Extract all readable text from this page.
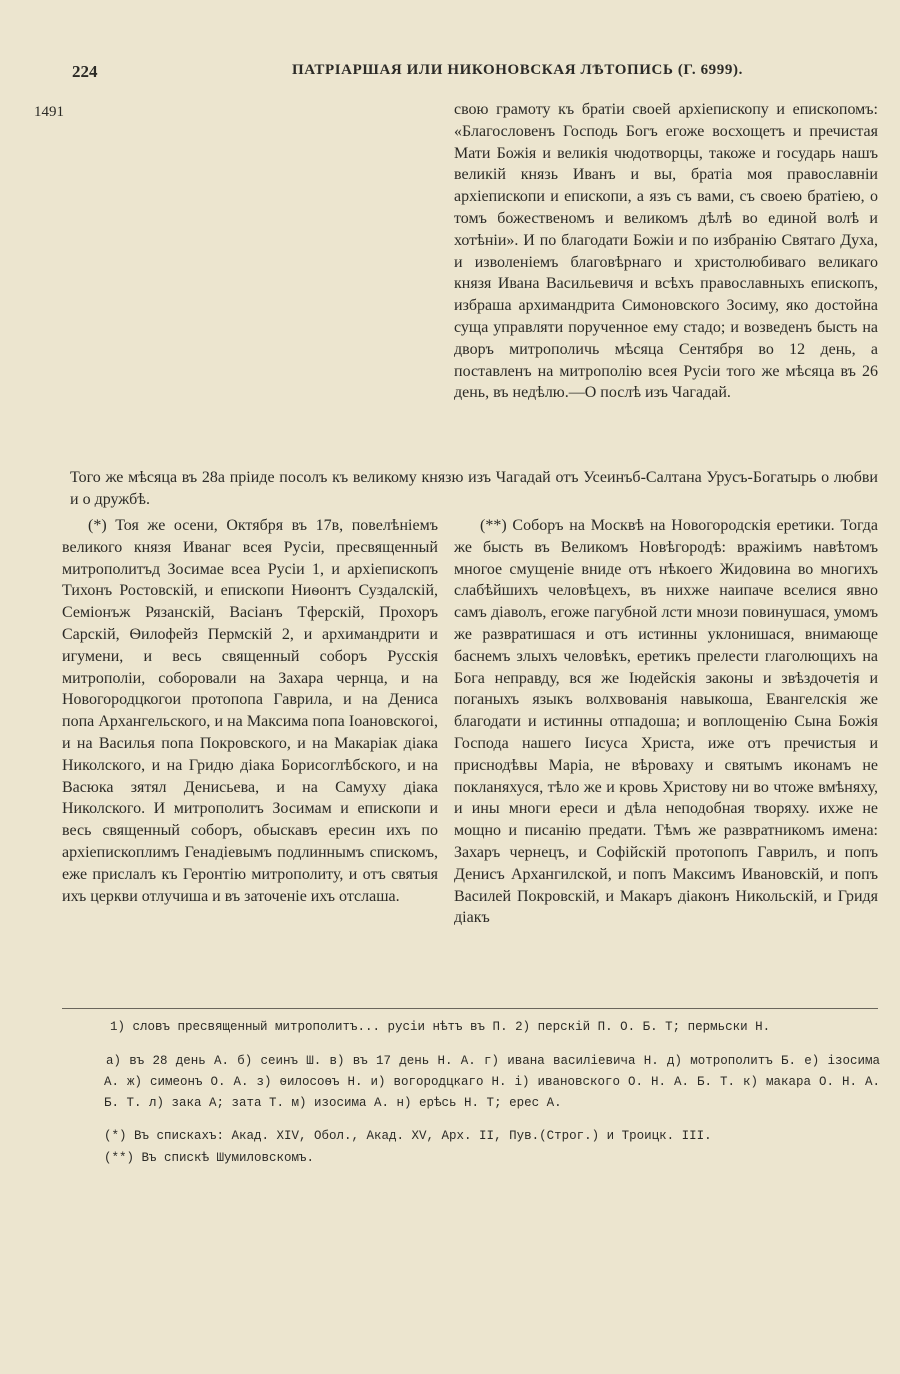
224	ПАТРІАРШАЯ ИЛИ НИКОНОВСКАЯ ЛѢТОПИСЬ (Г. 6999).
1491	свою грамоту къ братіи своей архіепископу и епископомъ: «Благословенъ Господь Богъ егоже восхощетъ и пречистая Мати Божія и великія чюдотворцы, такоже и государь нашъ великій князь Иванъ и вы, братіа моя православніи архіепископи и епископи, а язъ съ вами, съ своею братіею, о томъ божественомъ и великомъ дѣлѣ во единой волѣ и хотѣніи». И по благодати Божіи и по избранію Святаго Духа, и изволеніемъ благовѣрнаго и христолюбиваго великаго князя Ивана Васильевичя и всѣхъ православныхъ епископъ, избраша архимандрита Симоновского Зосиму, яко достойна суща управляти порученное ему стадо; и возведенъ бысть на дворъ митрополичь мѣсяца Сентября во 12 день, а поставленъ на митрополію всея Русіи того же мѣсяца въ 26 день, въ недѣлю.—О послѣ изъ Чагадай.

Того же мѣсяца въ 28а пріиде посолъ къ великому князю изъ Чагадай отъ Усеинъб-Салтана Урусъ-Богатырь о любви и о дружбѣ.

(*) Тоя же осени, Октября въ 17в, повелѣніемъ великого князя Иванаг всея Русіи, пресвященный митрополитъд Зосимае всеа Русіи 1, и архіепископъ Тихонъ Ростовскій, и епископи Ниѳонтъ Суздалскій, Семіонъж Рязанскій, Васіанъ Тферскій, Прохоръ Сарскій, Ѳилофейз Пермскій 2, и архимандрити и игумени, и весь священный соборъ Русскія митрополіи, соборовали на Захара чернца, и на Новогородцкогои протопопа Гаврила, и на Дениса попа Архангельского, и на Максима попа Іоановскогоі, и на Василья попа Покровского, и на Макаріак діака Николского, и на Гридю діака Борисоглѣбского, и на Васюка зятял Денисьева, и на Самуху діака Николского. И митрополитъ Зосимам и епископи и весь священный соборъ, обыскавъ ересин ихъ по архіепископлимъ Генадіевымъ подлиннымъ спискомъ, еже прислалъ къ Геронтію митрополиту, и отъ святыя ихъ церкви отлучиша и въ заточеніе ихъ отслаша.

(**) Соборъ на Москвѣ на Новогородскія еретики. Тогда же бысть въ Великомъ Новѣгородѣ: вражіимъ навѣтомъ многое смущеніе вниде отъ нѣкоего Жидовина во многихъ слабѣйшихъ человѣцехъ, въ нихже наипаче вселися явно самъ діаволъ, егоже пагубной лсти мнози повинушася, умомъ же развратишася и отъ истинны уклонишася, внимающе баснемъ злыхъ человѣкъ, еретикъ прелести глаголющихъ на Бога неправду, вся же Іюдейскія законы и звѣздочетія и поганыхъ языкъ волхвованія навыкоша, Евангелскія же благодати и истинны отпадоша; и воплощенію Сына Божія Господа нашего Іисуса Христа, иже отъ пречистыя и приснодѣвы Маріа, не вѣроваху и святымъ иконамъ не покланяхуся, тѣло же и кровь Христову ни во чтоже вмѣняху, и ины многи ереси и дѣла неподобная творяху. ихже не мощно и писанію предати. Тѣмъ же развратникомъ имена: Захаръ чернецъ, и Софійскій протопопъ Гаврилъ, и попъ Денисъ Архангилской, и попъ Максимъ Ивановскій, и попъ Василей Покровскій, и Макаръ діаконъ Никольскій, и Гридя діакъ

1) словъ пресвященный митрополитъ... русіи нѣтъ въ П. 2) перскій П. О. Б. Т; пермьски Н.

а) въ 28 день А. б) сеинъ Ш. в) въ 17 день Н. А. г) ивана василіевича Н. д) мотрополитъ Б. е) ізосима А. ж) симеонъ О. А. з) ѳилосоѳъ Н. и) вогородцкаго Н. і) ивановского О. Н. А. Б. Т. к) макара О. Н. А. Б. Т. л) зака А; зата Т. м) изосима А. н) ерѣсь Н. Т; ерес А.

(*) Въ спискахъ: Акад. XIV, Обол., Акад. XV, Арх. II, Пув.(Строг.) и Троицк. III.

(**) Въ спискѣ Шумиловскомъ.
